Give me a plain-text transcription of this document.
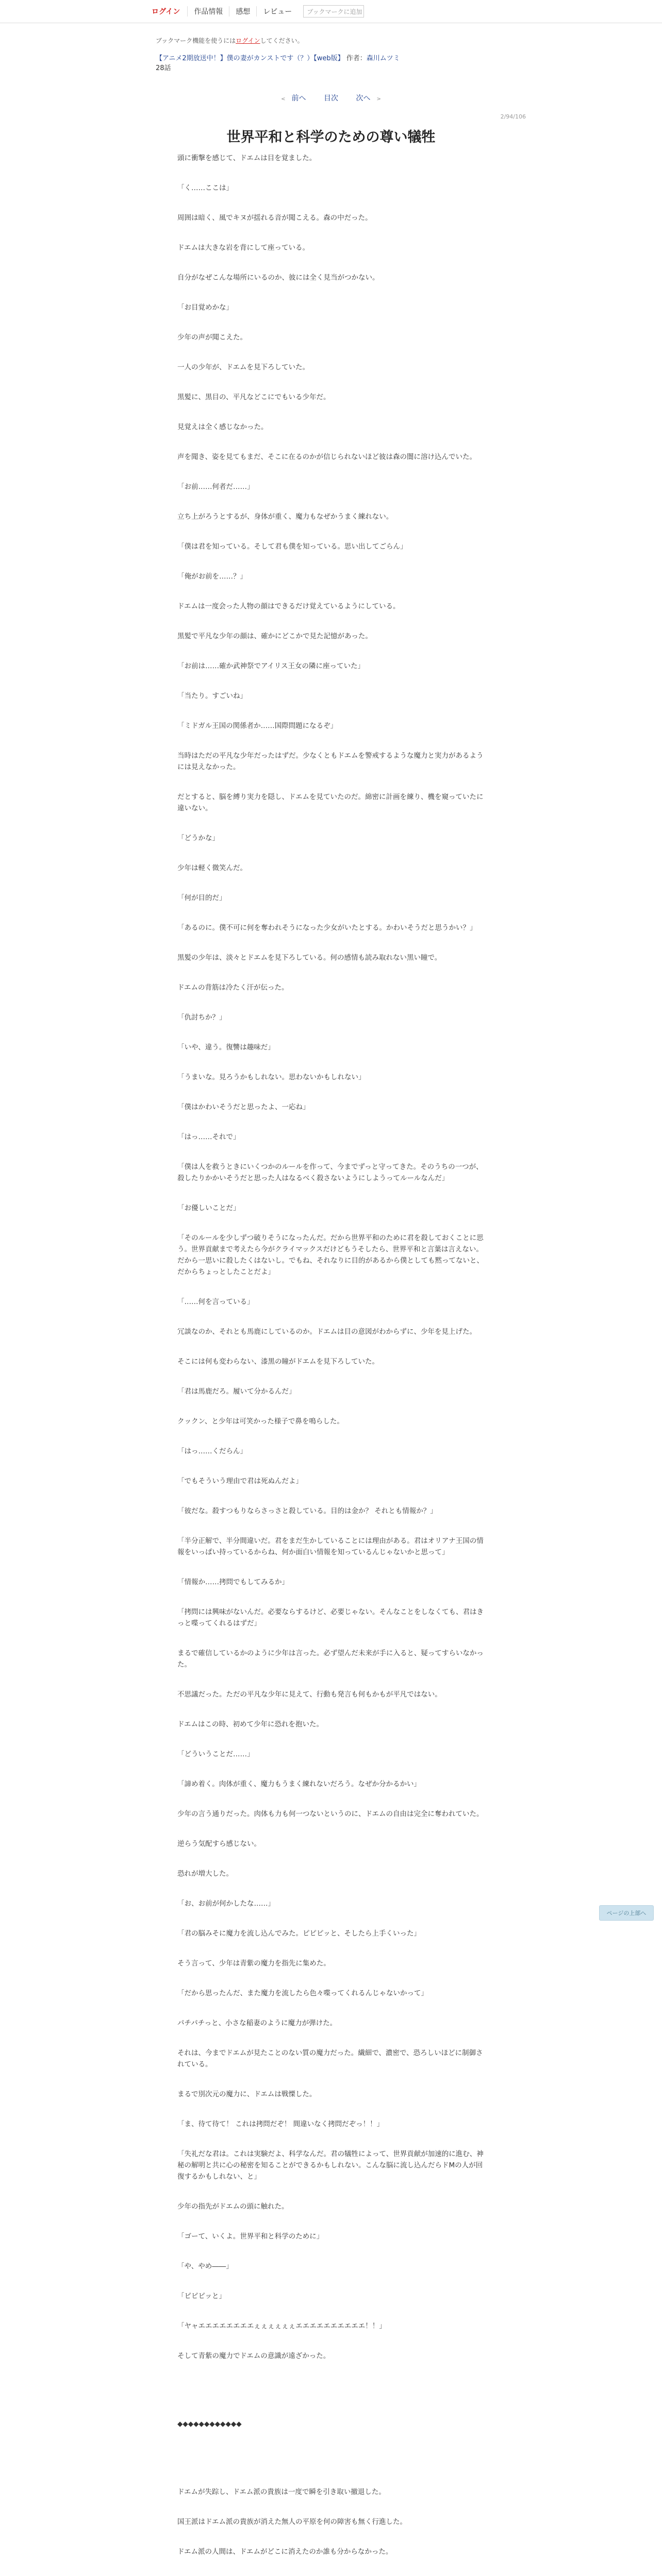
ログイン	作品情報	感想	レビュー	ブックマークに追加
ブックマーク機能を使うにはログインしてください。
【アニメ2期放送中！】僕の妻がカンストです（？）【web版】 作者：森川ムツミ
28話
< 前へ 目次 次へ >
2/94/106
世界平和と科学のための尊い犠牲

頭に衝撃を感じて、ドエムは目を覚ました。

「く……ここは」

周囲は暗く、風でキヌが揺れる音が聞こえる。森の中だった。

ドエムは大きな岩を背にして座っている。

自分がなぜこんな場所にいるのか、彼には全く見当がつかない。

「お目覚めかな」

少年の声が聞こえた。

一人の少年が、ドエムを見下ろしていた。

黒髪に、黒目の、平凡などこにでもいる少年だ。

見覚えは全く感じなかった。

声を聞き、姿を見てもまだ、そこに在るのかが信じられないほど彼は森の闇に溶け込んでいた。

「お前……何者だ……」

立ち上がろうとするが、身体が重く、魔力もなぜかうまく練れない。

「僕は君を知っている。そして君も僕を知っている。思い出してごらん」

「俺がお前を……？」

ドエムは一度会った人物の顔はできるだけ覚えているようにしている。

黒髪で平凡な少年の顔は、確かにどこかで見た記憶があった。

「お前は……確か武神祭でアイリス王女の隣に座っていた」

「当たり。すごいね」

「ミドガル王国の関係者か……国際問題になるぞ」

当時はただの平凡な少年だったはずだ。少なくともドエムを警戒するような魔力と実力があるようには見えなかった。

だとすると、脳を縛り実力を隠し、ドエムを見ていたのだ。綿密に計画を練り、機を窺っていたに違いない。

「どうかな」

少年は軽く微笑んだ。

「何が目的だ」

「あるのに。僕不可に何を奪われそうになった少女がいたとする。かわいそうだと思うかい？」

黒髪の少年は、淡々とドエムを見下ろしている。何の感情も読み取れない黒い瞳で。

ドエムの背筋は冷たく汗が伝った。

「仇討ちか？」

「いや、違う。復讐は趣味だ」

「うまいな。見ろうかもしれない。思わないかもしれない」

「僕はかわいそうだと思ったよ、一応ね」

「はっ……それで」

「僕は人を救うときにいくつかのルールを作って、今までずっと守ってきた。そのうちの一つが、殺したりかかいそうだと思った人はなるべく殺さないようにしようってルールなんだ」

「お優しいことだ」

「そのルールを少しずつ破りそうになったんだ。だから世界平和のために君を殺しておくことに思う。世界貢献まで考えたら今がクライマックスだけどもうそしたら、世界平和と言葉は言えない。だから一思いに殺したくはないし。でもね、それなりに目的があるから僕としても黙ってないと、だからちょっとしたことだよ」

「……何を言っている」

冗談なのか、それとも馬鹿にしているのか。ドエムは目の意図がわからずに、少年を見上げた。

そこには何も変わらない、漆黒の瞳がドエムを見下ろしていた。

「君は馬鹿だろ。履いて分かるんだ」

クックン、と少年は可笑かった様子で鼻を鳴らした。

「はっ……くだらん」

「でもそういう理由で君は死ぬんだよ」

「彼だな。殺すつもりならさっさと殺している。目的は金か？ それとも情報か？」

「半分正解で、半分間違いだ。君をまだ生かしていることには理由がある。君はオリアナ王国の情報をいっぱい持っているからね、何か面白い情報を知っているんじゃないかと思って」

「情報か……拷問でもしてみるか」

「拷問には興味がないんだ。必要ならするけど、必要じゃない。そんなことをしなくても、君はきっと喋ってくれるはずだ」

まるで確信しているかのように少年は言った。必ず望んだ未来が手に入ると、疑ってすらいなかった。

不思議だった。ただの平凡な少年に見えて、行動も発言も何もかもが平凡ではない。

ドエムはこの時、初めて少年に恐れを抱いた。

「どういうことだ……」

「諦め着く。肉体が重く、魔力もうまく練れないだろう。なぜか分かるかい」

少年の言う通りだった。肉体も力も何一つないというのに、ドエムの自由は完全に奪われていた。

逆らう気配すら感じない。

恐れが増大した。

「お、お前が何かしたな……」

「君の脳みそに魔力を流し込んでみた。ピピピッと、そしたら上手くいった」

そう言って、少年は青紫の魔力を指先に集めた。

「だから思ったんだ、また魔力を流したら色々喋ってくれるんじゃないかって」

パチパチっと、小さな稲妻のように魔力が弾けた。

それは、今までドエムが見たことのない質の魔力だった。繊細で、濃密で、恐ろしいほどに制御されている。

まるで別次元の魔力に、ドエムは戦慄した。

「ま、待て待て！ これは拷問だぞ！ 間違いなく拷問だぞっ！！」

「失礼だな君は。これは実験だよ、科学なんだ。君の犠牲によって、世界貢献が加速的に進む、神秘の解明と共に心の秘密を知ることができるかもしれない。こんな脳に流し込んだらドMの人が回復するかもしれない、と」

少年の指先がドエムの頭に触れた。

「ゴーて、いくよ。世界平和と科学のために」

「や、やめ――」

「ピピピッと」

「ヤャエエエエエエエエぇぇぇぇぇぇエエエエエエエエエエ！！」

そして青紫の魔力でドエムの意識が遠ざかった。

◆◆◆◆◆◆◆◆◆◆◆◆

ドエムが失踪し、ドエム派の貴族は一度で瞬を引き取い撤退した。

国王派はドエム派の貴族が消えた無人の平原を何の障害も無く行進した。

ドエム派の人間は、ドエムがどこに消えたのか誰も分からなかった。

ページの上部へ
